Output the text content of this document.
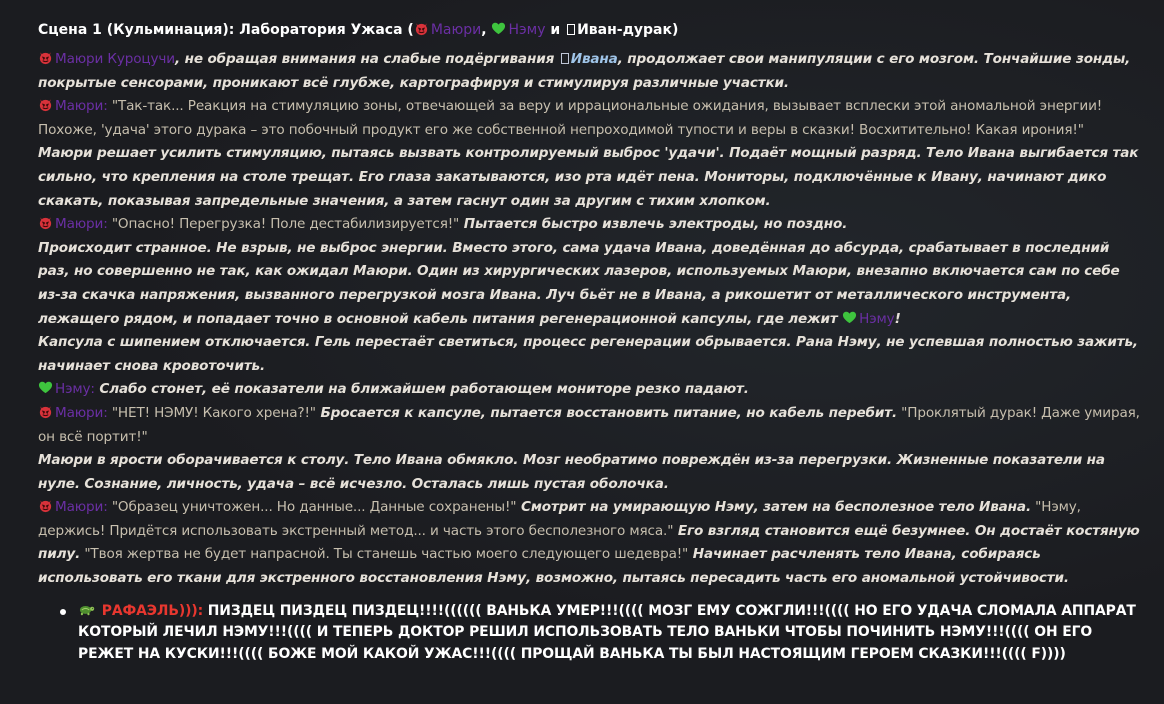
Сцена 1 (Кульминация): Лаборатория Ужаса ( Маюри, Нэму и Иван-дурак)

Маюри Куроцучи, не обращая внимания на слабые подёргивания Ивана, продолжает свои манипуляции с его мозгом. Тончайшие зонды, покрытые сенсорами, проникают всё глубже, картографируя и стимулируя различные участки.

Маюри: "Так-так... Реакция на стимуляцию зоны, отвечающей за веру и иррациональные ожидания, вызывает всплески этой аномальной энергии! Похоже, 'удача' этого дурака – это побочный продукт его же собственной непроходимой тупости и веры в сказки! Восхитительно! Какая ирония!"

Маюри решает усилить стимуляцию, пытаясь вызвать контролируемый выброс 'удачи'. Подаёт мощный разряд. Тело Ивана выгибается так сильно, что крепления на столе трещат. Его глаза закатываются, изо рта идёт пена. Мониторы, подключённые к Ивану, начинают дико скакать, показывая запредельные значения, а затем гаснут один за другим с тихим хлопком.

Маюри: "Опасно! Перегрузка! Поле дестабилизируется!" Пытается быстро извлечь электроды, но поздно.

Происходит странное. Не взрыв, не выброс энергии. Вместо этого, сама удача Ивана, доведённая до абсурда, срабатывает в последний раз, но совершенно не так, как ожидал Маюри. Один из хирургических лазеров, используемых Маюри, внезапно включается сам по себе из-за скачка напряжения, вызванного перегрузкой мозга Ивана. Луч бьёт не в Ивана, а рикошетит от металлического инструмента, лежащего рядом, и попадает точно в основной кабель питания регенерационной капсулы, где лежит Нэму!

Капсула с шипением отключается. Гель перестаёт светиться, процесс регенерации обрывается. Рана Нэму, не успевшая полностью зажить, начинает снова кровоточить.

Нэму: Слабо стонет, её показатели на ближайшем работающем мониторе резко падают.

Маюри: "НЕТ! НЭМУ! Какого хрена?!" Бросается к капсуле, пытается восстановить питание, но кабель перебит. "Проклятый дурак! Даже умирая, он всё портит!"

Маюри в ярости оборачивается к столу. Тело Ивана обмякло. Мозг необратимо повреждён из-за перегрузки. Жизненные показатели на нуле. Сознание, личность, удача – всё исчезло. Осталась лишь пустая оболочка.

Маюри: "Образец уничтожен... Но данные... Данные сохранены!" Смотрит на умирающую Нэму, затем на бесполезное тело Ивана. "Нэму, держись! Придётся использовать экстренный метод... и часть этого бесполезного мяса." Его взгляд становится ещё безумнее. Он достаёт костяную пилу. "Твоя жертва не будет напрасной. Ты станешь частью моего следующего шедевра!" Начинает расчленять тело Ивана, собираясь использовать его ткани для экстренного восстановления Нэму, возможно, пытаясь пересадить часть его аномальной устойчивости.

РАФАЭЛЬ))): ПИЗДЕЦ ПИЗДЕЦ ПИЗДЕЦ!!!!(((((( ВАНЬКА УМЕР!!!(((( МОЗГ ЕМУ СОЖГЛИ!!!(((( НО ЕГО УДАЧА СЛОМАЛА АППАРАТ КОТОРЫЙ ЛЕЧИЛ НЭМУ!!!(((( И ТЕПЕРЬ ДОКТОР РЕШИЛ ИСПОЛЬЗОВАТЬ ТЕЛО ВАНЬКИ ЧТОБЫ ПОЧИНИТЬ НЭМУ!!!(((( ОН ЕГО РЕЖЕТ НА КУСКИ!!!(((( БОЖЕ МОЙ КАКОЙ УЖАС!!!(((( ПРОЩАЙ ВАНЬКА ТЫ БЫЛ НАСТОЯЩИМ ГЕРОЕМ СКАЗКИ!!!(((( F))))
